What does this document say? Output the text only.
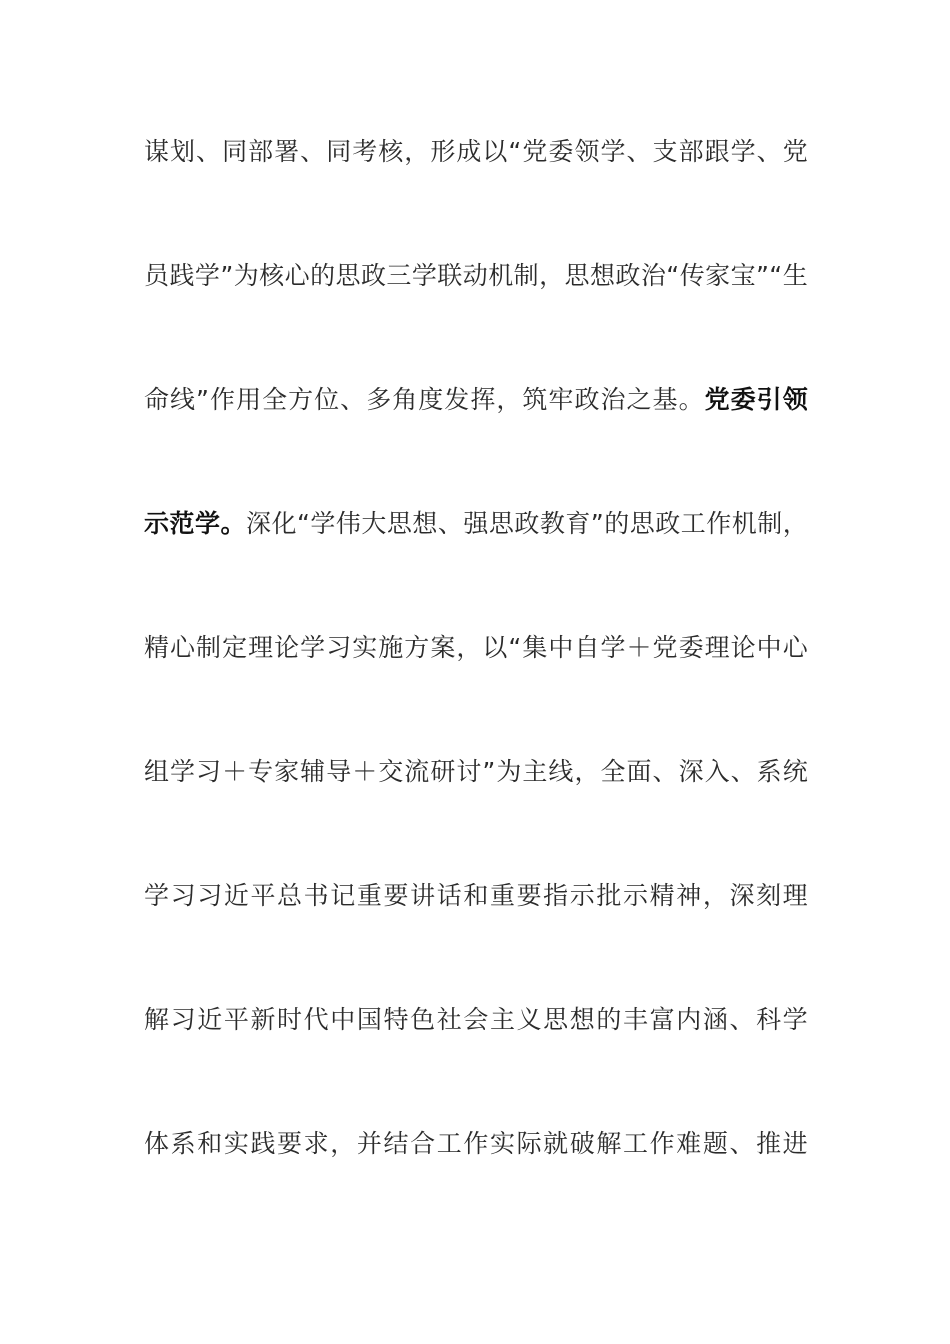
谋划、同部署、同考核，形成以“党委领学、支部跟学、党
员践学”为核心的思政三学联动机制，思想政治“传家宝”“生
命线”作用全方位、多角度发挥，筑牢政治之基。党委引领
示范学。深化“学伟大思想、强思政教育”的思政工作机制，
精心制定理论学习实施方案，以“集中自学＋党委理论中心
组学习＋专家辅导＋交流研讨”为主线，全面、深入、系统
学习习近平总书记重要讲话和重要指示批示精神，深刻理
解习近平新时代中国特色社会主义思想的丰富内涵、科学
体系和实践要求，并结合工作实际就破解工作难题、推进
